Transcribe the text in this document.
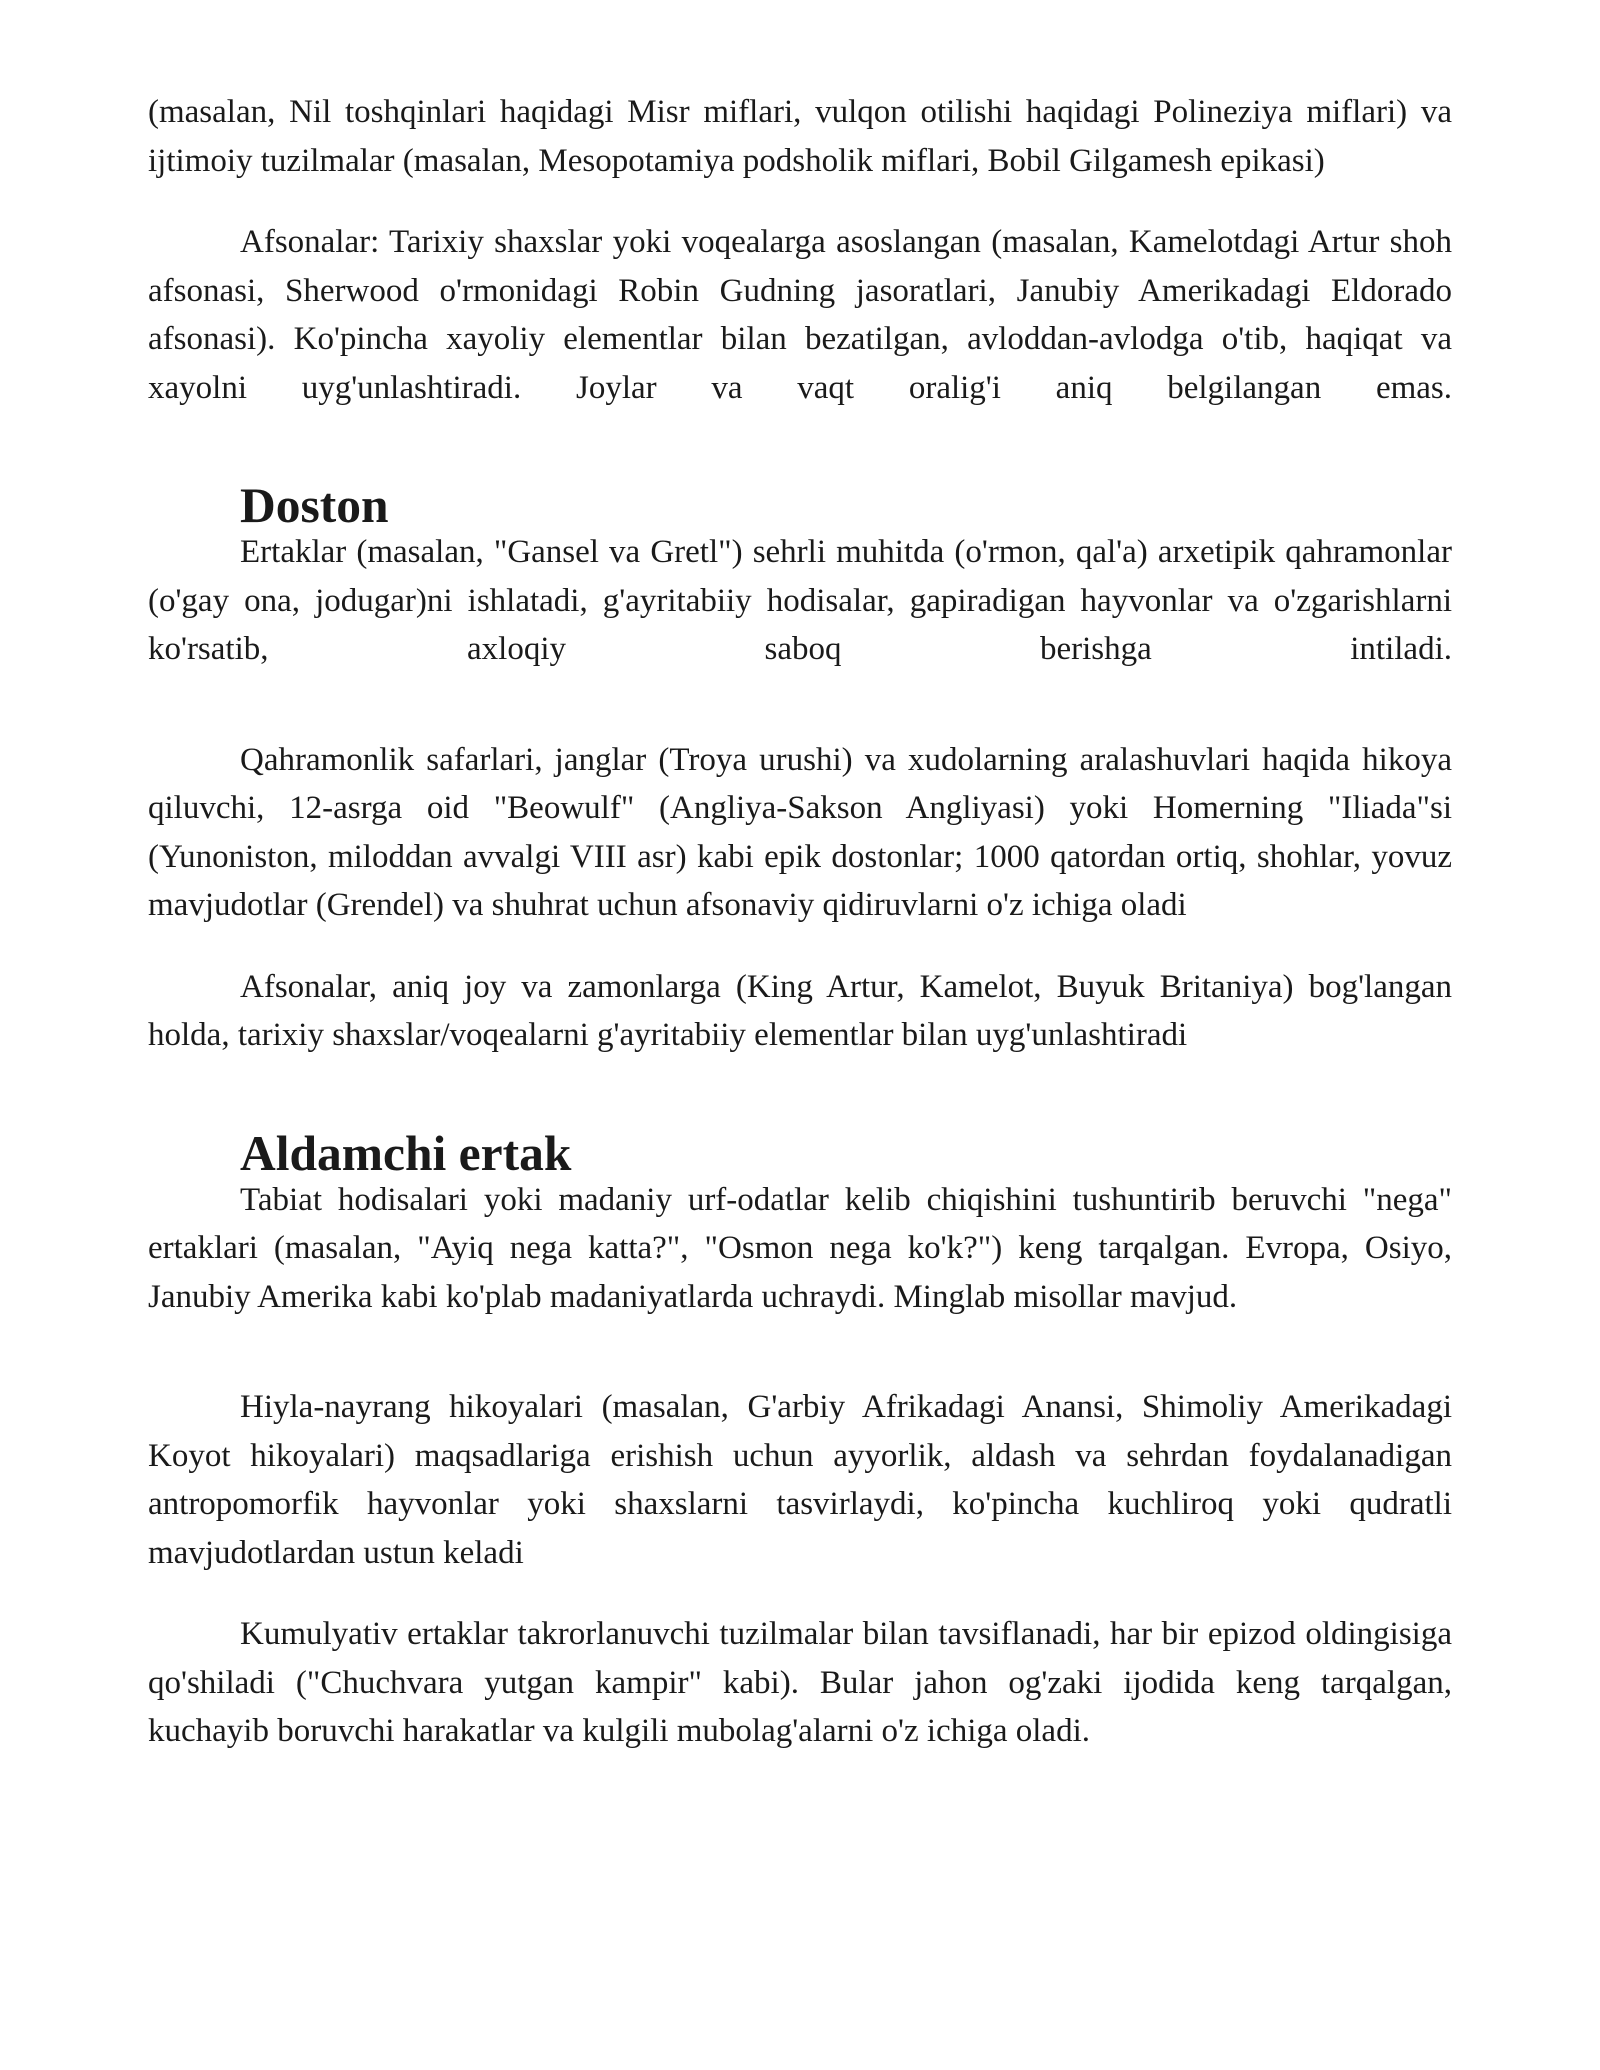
(masalan, Nil toshqinlari haqidagi Misr miflari, vulqon otilishi haqidagi Polineziya miflari) va ijtimoiy tuzilmalar (masalan, Mesopotamiya podsholik miflari, Bobil Gilgamesh epikasi)

Afsonalar: Tarixiy shaxslar yoki voqealarga asoslangan (masalan, Kamelotdagi Artur shoh afsonasi, Sherwood o'rmonidagi Robin Gudning jasoratlari, Janubiy Amerikadagi Eldorado afsonasi). Ko'pincha xayoliy elementlar bilan bezatilgan, avloddan-avlodga o'tib, haqiqat va xayolni uyg'unlashtiradi. Joylar va vaqt oralig'i aniq belgilangan emas.

Doston

Ertaklar (masalan, "Gansel va Gretl") sehrli muhitda (o'rmon, qal'a) arxetipik qahramonlar (o'gay ona, jodugar)ni ishlatadi, g'ayritabiiy hodisalar, gapiradigan hayvonlar va o'zgarishlarni ko'rsatib, axloqiy saboq berishga intiladi.

Qahramonlik safarlari, janglar (Troya urushi) va xudolarning aralashuvlari haqida hikoya qiluvchi, 12-asrga oid "Beowulf" (Angliya-Sakson Angliyasi) yoki Homerning "Iliada"si (Yunoniston, miloddan avvalgi VIII asr) kabi epik dostonlar; 1000 qatordan ortiq, shohlar, yovuz mavjudotlar (Grendel) va shuhrat uchun afsonaviy qidiruvlarni o'z ichiga oladi

Afsonalar, aniq joy va zamonlarga (King Artur, Kamelot, Buyuk Britaniya) bog'langan holda, tarixiy shaxslar/voqealarni g'ayritabiiy elementlar bilan uyg'unlashtiradi

Aldamchi ertak

Tabiat hodisalari yoki madaniy urf-odatlar kelib chiqishini tushuntirib beruvchi "nega" ertaklari (masalan, "Ayiq nega katta?", "Osmon nega ko'k?") keng tarqalgan. Evropa, Osiyo, Janubiy Amerika kabi ko'plab madaniyatlarda uchraydi. Minglab misollar mavjud.

Hiyla-nayrang hikoyalari (masalan, G'arbiy Afrikadagi Anansi, Shimoliy Amerikadagi Koyot hikoyalari) maqsadlariga erishish uchun ayyorlik, aldash va sehrdan foydalanadigan antropomorfik hayvonlar yoki shaxslarni tasvirlaydi, ko'pincha kuchliroq yoki qudratli mavjudotlardan ustun keladi

Kumulyativ ertaklar takrorlanuvchi tuzilmalar bilan tavsiflanadi, har bir epizod oldingisiga qo'shiladi ("Chuchvara yutgan kampir" kabi). Bular jahon og'zaki ijodida keng tarqalgan, kuchayib boruvchi harakatlar va kulgili mubolag'alarni o'z ichiga oladi.
